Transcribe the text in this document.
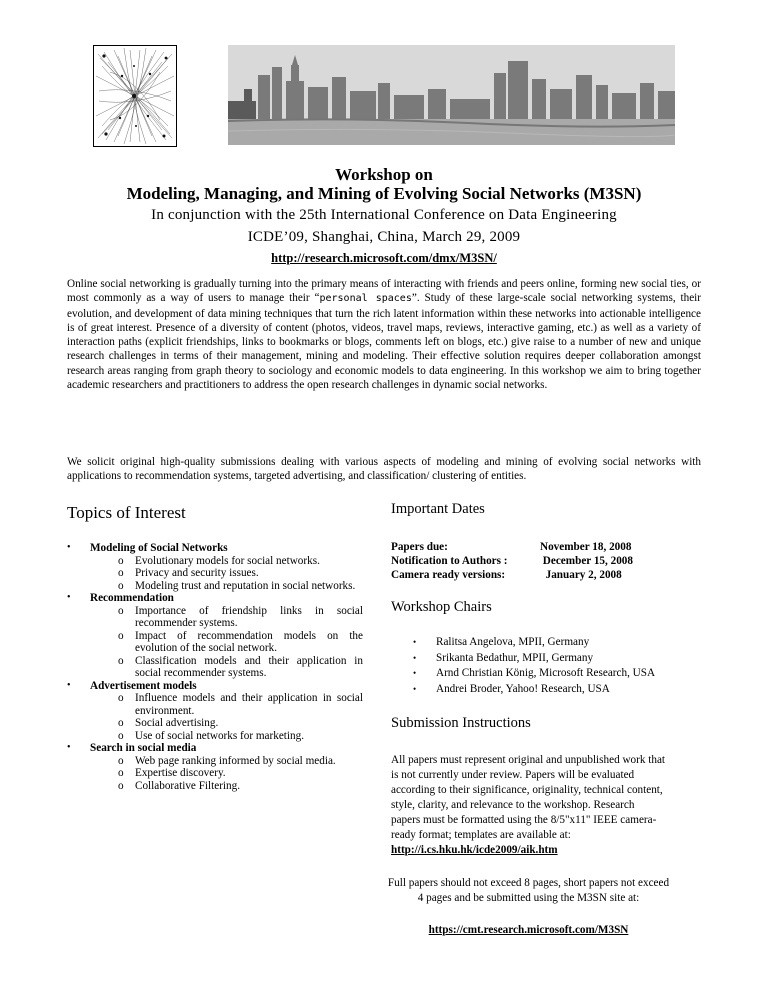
Workshop on
Modeling, Managing, and Mining of Evolving Social Networks (M3SN)
In conjunction with the 25th International Conference on Data Engineering
ICDE’09, Shanghai, China, March 29, 2009
http://research.microsoft.com/dmx/M3SN/
Online social networking is gradually turning into the primary means of interacting with friends and peers online, forming new social ties, or most commonly as a way of users to manage their “personal spaces”. Study of these large-scale social networking systems, their evolution, and development of data mining techniques that turn the rich latent information within these networks into actionable intelligence is of great interest. Presence of a diversity of content (photos, videos, travel maps, reviews, interactive gaming, etc.) as well as a variety of interaction paths (explicit friendships, links to bookmarks or blogs, comments left on blogs, etc.) give raise to a number of new and unique research challenges in terms of their management, mining and modeling. Their effective solution requires deeper collaboration amongst research areas ranging from graph theory to sociology and economic models to data engineering. In this workshop we aim to bring together academic researchers and practitioners to address the open research challenges in dynamic social networks.
We solicit original high-quality submissions dealing with various aspects of modeling and mining of evolving social networks with applications to recommendation systems, targeted advertising, and classification/ clustering of entities.
Topics of Interest	Important Dates
Workshop Chairs
Submission Instructions
• Modeling of Social Networks
o Evolutionary models for social networks.
o Privacy and security issues.
o Modeling trust and reputation in social networks.
• Recommendation
o Importance of friendship links in social recommender systems.
o Impact of recommendation models on the evolution of the social network.
o Classification models and their application in social recommender systems.
• Advertisement models
o Influence models and their application in social environment.
o Social advertising.
o Use of social networks for marketing.
• Search in social media
o Web page ranking informed by social media.
o Expertise discovery.
o Collaborative Filtering.
Papers due:	November 18, 2008
Notification to Authors :	December 15, 2008
Camera ready versions:	January 2, 2008
• Ralitsa Angelova, MPII, Germany
• Srikanta Bedathur, MPII, Germany
• Arnd Christian König, Microsoft Research, USA
• Andrei Broder, Yahoo! Research, USA
All papers must represent original and unpublished work that is not currently under review. Papers will be evaluated according to their significance, originality, technical content, style, clarity, and relevance to the workshop. Research papers must be formatted using the 8/5"x11" IEEE camera-ready format; templates are available at: http://i.cs.hku.hk/icde2009/aik.htm
Full papers should not exceed 8 pages, short papers not exceed 4 pages and be submitted using the M3SN site at:
https://cmt.research.microsoft.com/M3SN
